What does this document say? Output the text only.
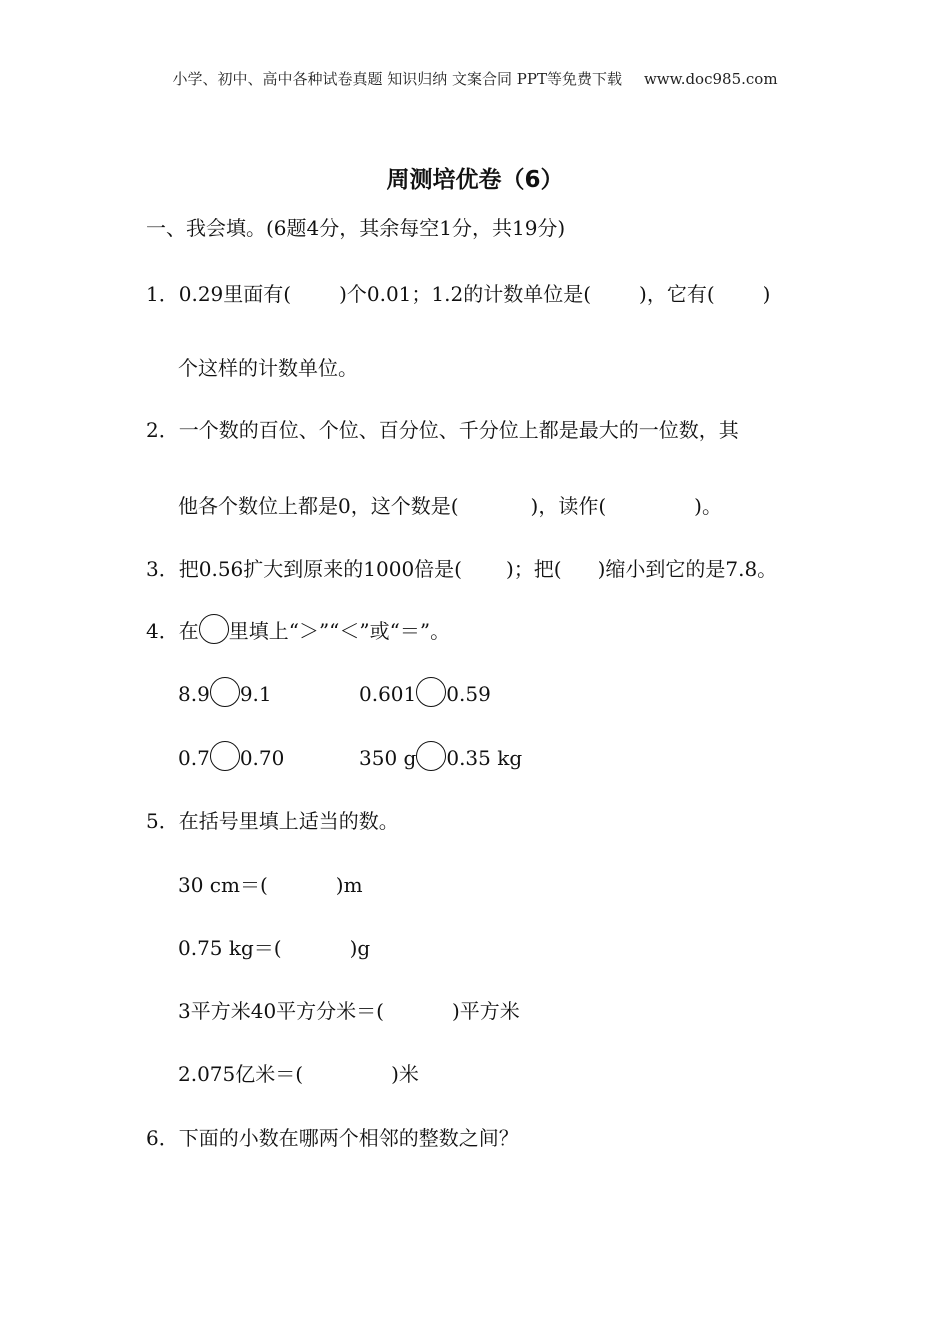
小学、初中、高中各种试卷真题 知识归纳 文案合同 PPT等免费下载 www.doc985.com
周测培优卷（6）
一、我会填。(6题4分，其余每空1分，共19分)
1．0.29里面有( )个0.01；1.2的计数单位是( )，它有( )
个这样的计数单位。
2．一个数的百位、个位、百分位、千分位上都是最大的一位数，其
他各个数位上都是0，这个数是(	)，读作(	)。
3．把0.56扩大到原来的1000倍是( )；把( )缩小到它的是7.8。
4．在 里填上“＞”“＜”或“＝”。
8.9 9.1	0.601 0.59
0.7 0.70	350 g 0.35 kg
5．在括号里填上适当的数。
30 cm＝(	)m
0.75 kg＝(	)g
3平方米40平方分米＝(	)平方米
2.075亿米＝(	)米
6．下面的小数在哪两个相邻的整数之间？
